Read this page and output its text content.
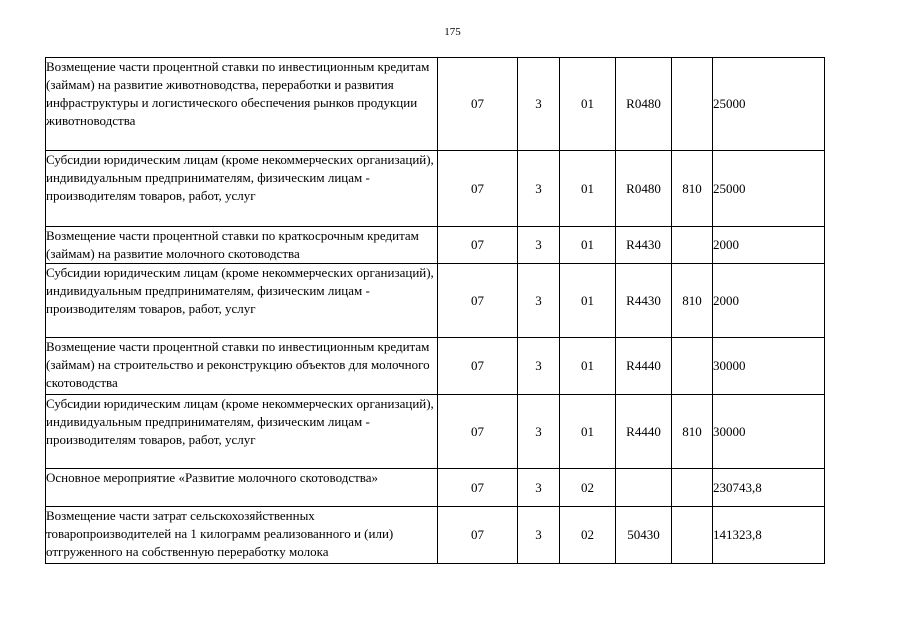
175
Возмещение части процентной ставки по инвестиционным кредитам (займам) на развитие животноводства, переработки и развития инфраструктуры и логистического обеспечения рынков продукции животноводства	07	3	01	R0480		25000
Субсидии юридическим лицам (кроме некоммерческих организаций), индивидуальным предпринимателям, физическим лицам - производителям товаров, работ, услуг	07	3	01	R0480	810	25000
Возмещение части процентной ставки по краткосрочным кредитам (займам) на развитие молочного скотоводства	07	3	01	R4430		2000
Субсидии юридическим лицам (кроме некоммерческих организаций), индивидуальным предпринимателям, физическим лицам - производителям товаров, работ, услуг	07	3	01	R4430	810	2000
Возмещение части процентной ставки по инвестиционным кредитам (займам) на строительство и реконструкцию объектов для молочного скотоводства	07	3	01	R4440		30000
Субсидии юридическим лицам (кроме некоммерческих организаций), индивидуальным предпринимателям, физическим лицам - производителям товаров, работ, услуг	07	3	01	R4440	810	30000
Основное мероприятие «Развитие молочного скотоводства»	07	3	02			230743,8
Возмещение части затрат сельскохозяйственных товаропроизводителей на 1 килограмм реализованного и (или) отгруженного на собственную переработку молока	07	3	02	50430		141323,8
